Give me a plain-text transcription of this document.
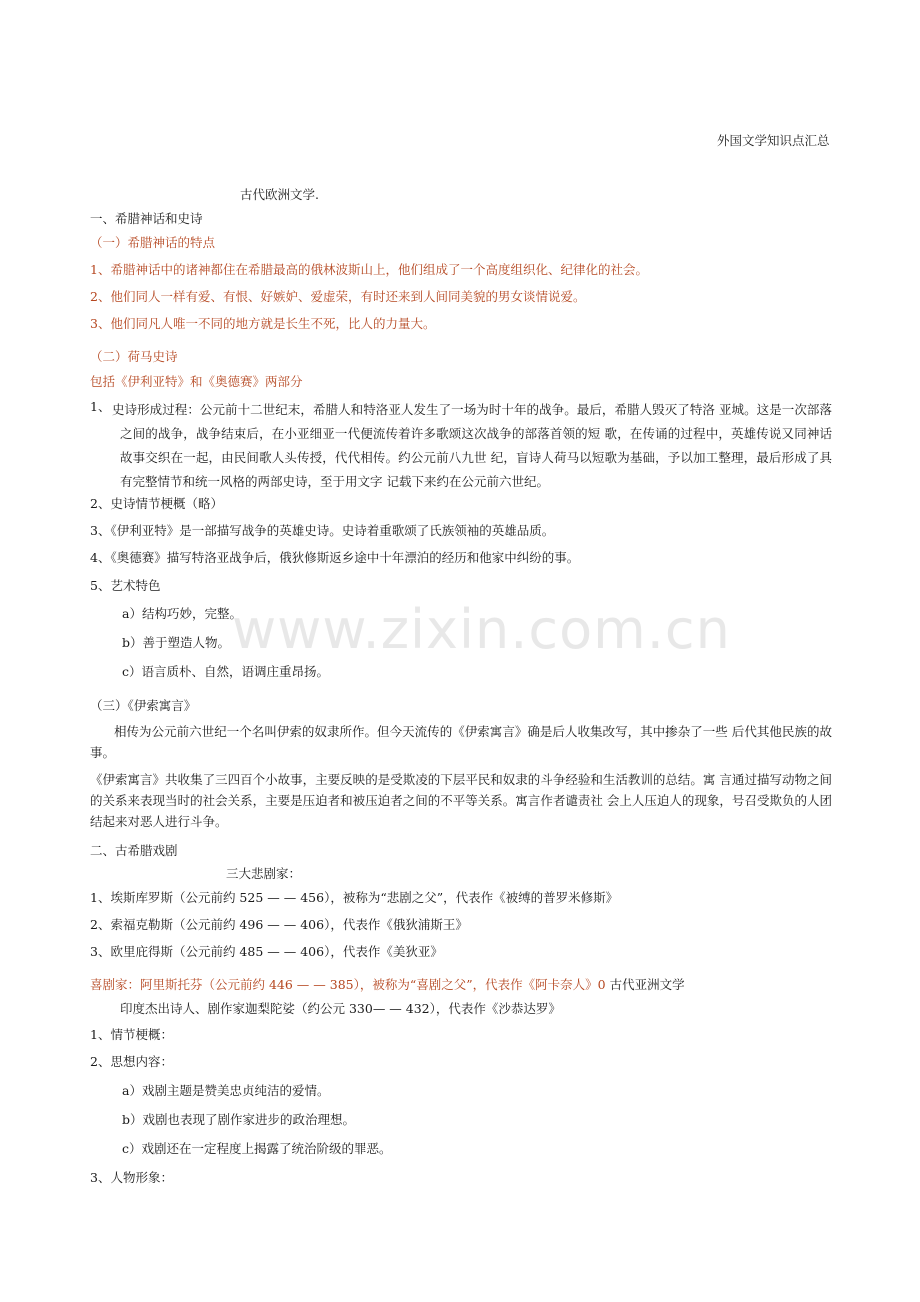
www.zixin.com.cn
外国文学知识点汇总
古代欧洲文学.
一、希腊神话和史诗
（一）希腊神话的特点
1、希腊神话中的诸神都住在希腊最高的俄林波斯山上，他们组成了一个高度组织化、纪律化的社会。
2、他们同人一样有爱、有恨、好嫉妒、爱虚荣，有时还来到人间同美貌的男女谈情说爱。
3、他们同凡人唯一不同的地方就是长生不死，比人的力量大。
（二）荷马史诗
包括《伊利亚特》和《奥德赛》两部分
1、 史诗形成过程：公元前十二世纪末，希腊人和特洛亚人发生了一场为时十年的战争。最后，希腊人毁灭了特洛 亚城。这是一次部落之间的战争，战争结束后，在小亚细亚一代便流传着许多歌颂这次战争的部落首领的短 歌，在传诵的过程中，英雄传说又同神话故事交织在一起，由民间歌人头传授，代代相传。约公元前八九世 纪，盲诗人荷马以短歌为基础，予以加工整理，最后形成了具有完整情节和统一风格的两部史诗，至于用文字 记载下来约在公元前六世纪。
2、史诗情节梗概（略）
3、《伊利亚特》是一部描写战争的英雄史诗。史诗着重歌颂了氏族领袖的英雄品质。
4、《奥德赛》描写特洛亚战争后，俄狄修斯返乡途中十年漂泊的经历和他家中纠纷的事。
5、艺术特色
a）结构巧妙，完整。
b）善于塑造人物。
c）语言质朴、自然，语调庄重昂扬。
（三）《伊索寓言》
相传为公元前六世纪一个名叫伊索的奴隶所作。但今天流传的《伊索寓言》确是后人收集改写，其中掺杂了一些 后代其他民族的故事。
《伊索寓言》共收集了三四百个小故事，主要反映的是受欺凌的下层平民和奴隶的斗争经验和生活教训的总结。寓 言通过描写动物之间的关系来表现当时的社会关系，主要是压迫者和被压迫者之间的不平等关系。寓言作者谴责社 会上人压迫人的现象，号召受欺负的人团结起来对恶人进行斗争。
二、古希腊戏剧
三大悲剧家：
1、埃斯库罗斯（公元前约 525 — — 456），被称为“悲剧之父”，代表作《被缚的普罗米修斯》
2、索福克勒斯（公元前约 496 — — 406），代表作《俄狄浦斯王》
3、欧里庇得斯（公元前约 485 — — 406），代表作《美狄亚》
喜剧家：阿里斯托芬（公元前约 446 — — 385），被称为“喜剧之父”，代表作《阿卡奈人》0 古代亚洲文学
印度杰出诗人、剧作家迦梨陀娑（约公元 330— — 432），代表作《沙恭达罗》
1、情节梗概：
2、思想内容：
a）戏剧主题是赞美忠贞纯洁的爱情。
b）戏剧也表现了剧作家进步的政治理想。
c）戏剧还在一定程度上揭露了统治阶级的罪恶。
3、人物形象：
